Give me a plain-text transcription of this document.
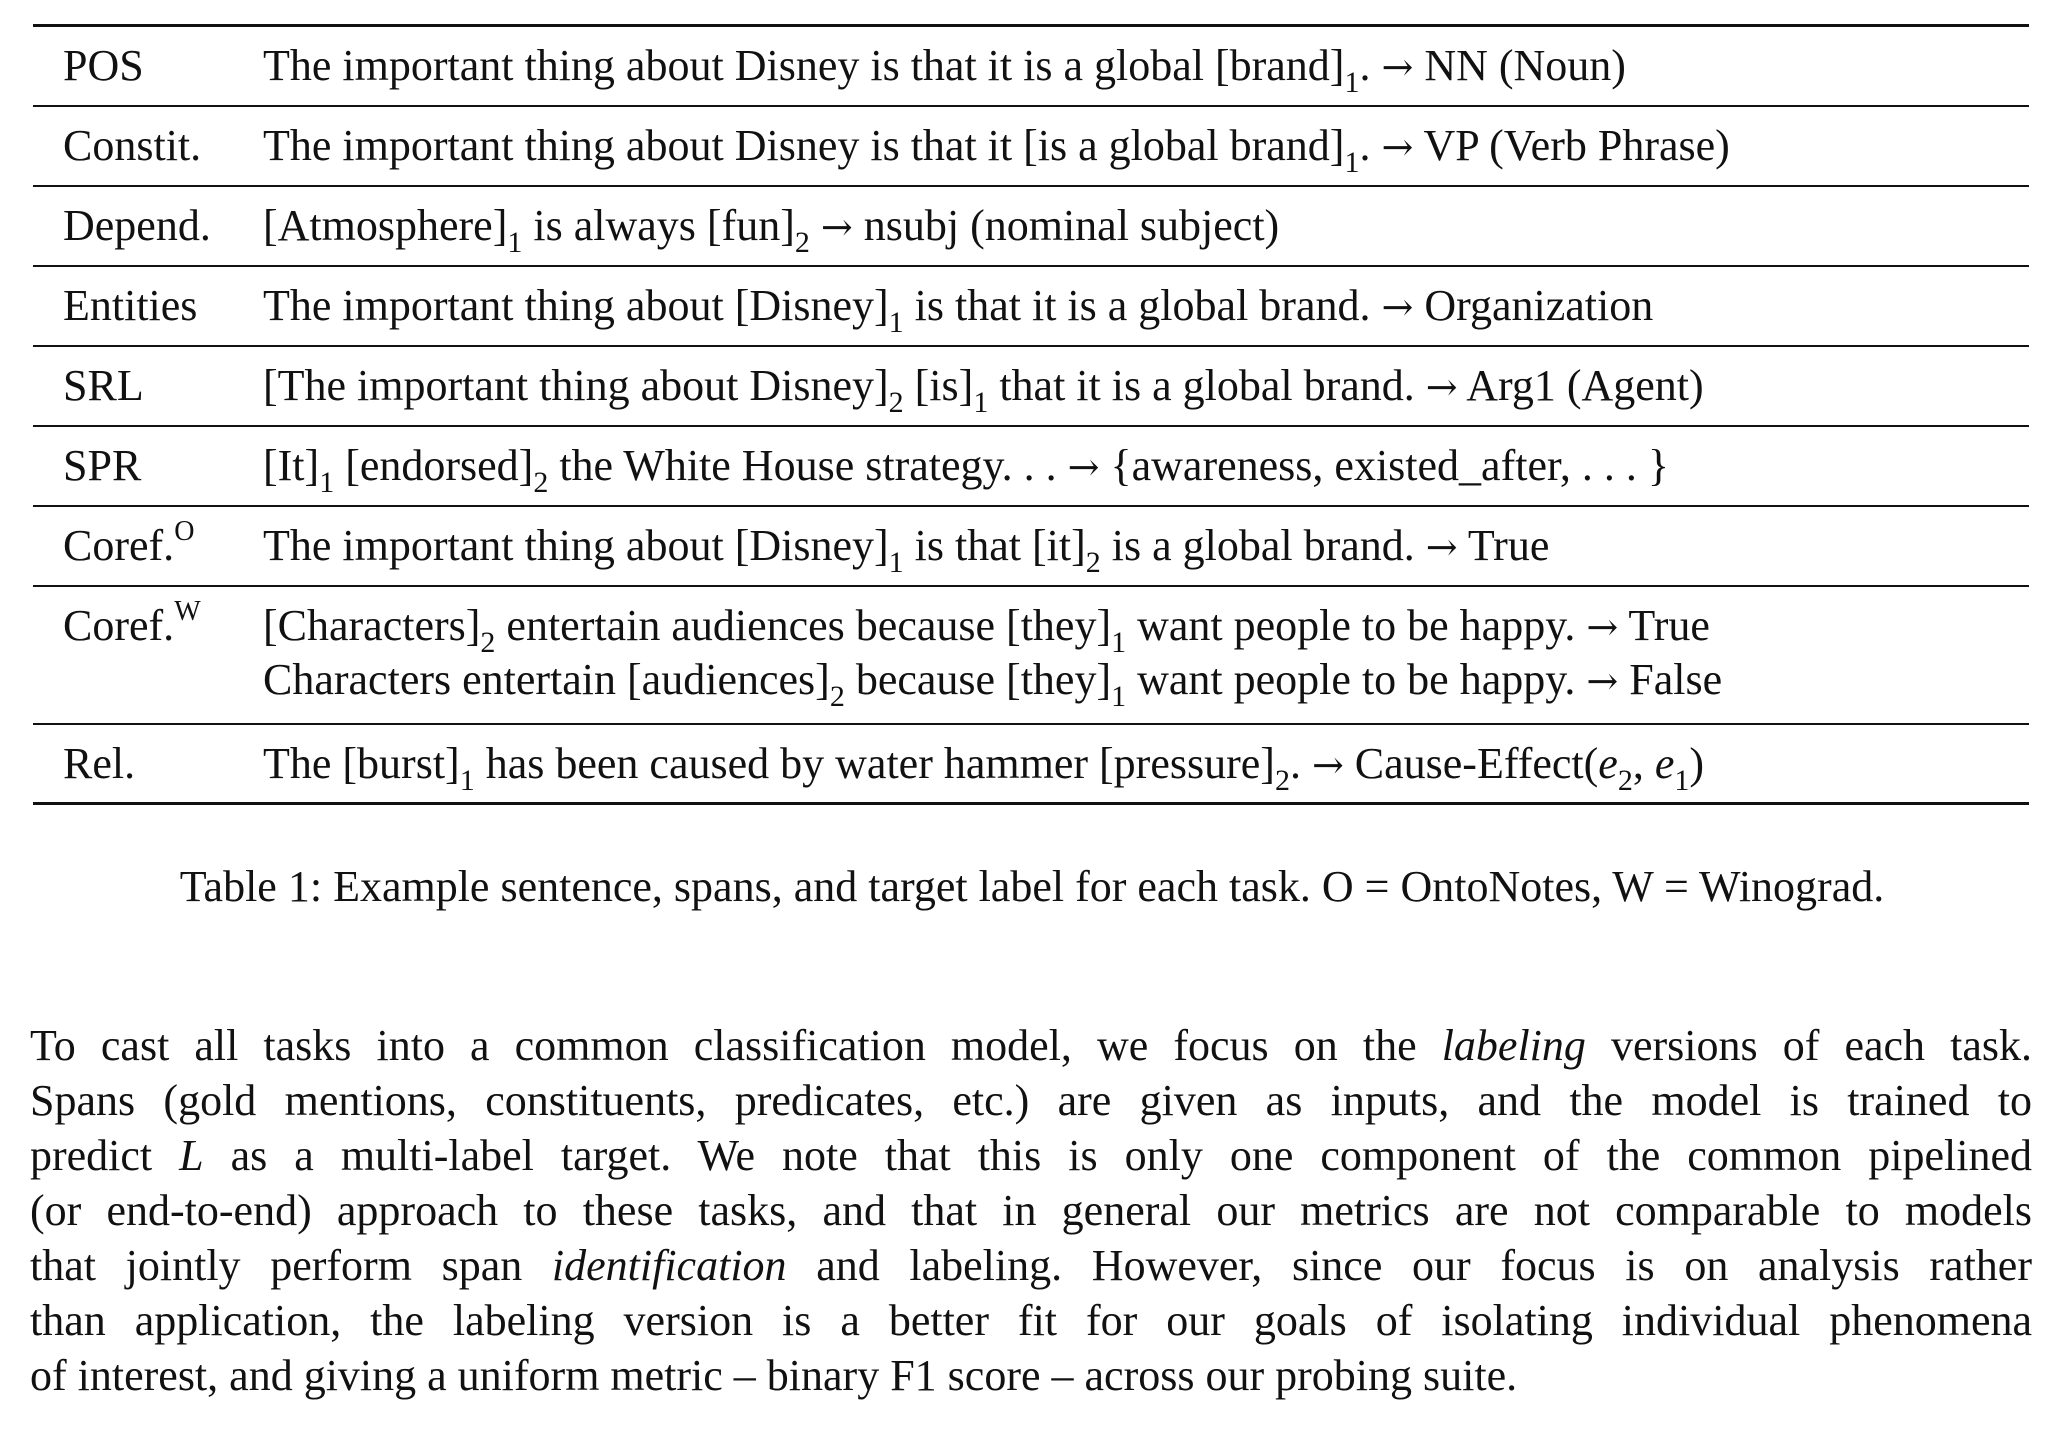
POS	The important thing about Disney is that it is a global $[brand]_1$. → NN (Noun)

Constit.	The important thing about Disney is that it [is a global $brand]_1$. → VP (Verb Phrase)

Depend.	$[Atmosphere]_1$ is always $[fun]_2$ → nsubj (nominal subject)

Entities	The important thing about $[Disney]_1$ is that it is a global brand. → Organization

SRL	[The important thing about $Disney]_2$ $[is]_1$ that it is a global brand. → Arg1 (Agent)

SPR	$[It]_1$ $[endorsed]_2$ the White House strategy. . . → {awareness, existed_after, . . . }

Coref.$^O$	The important thing about $[Disney]_1$ is that $[it]_2$ is a global brand. → True

Coref.$^W$	$[Characters]_2$ entertain audiences because $[they]_1$ want people to be happy. → True
Characters entertain $[audiences]_2$ because $[they]_1$ want people to be happy. → False

Rel.	The $[burst]_1$ has been caused by water hammer $[pressure]_2$. → Cause-$Effect(e_2$, $e_1$)
Table 1: Example sentence, spans, and target label for each task. O = OntoNotes, W = Winograd.
To cast all tasks into a common classification model, we focus on the labeling versions of each task.
Spans (gold mentions, constituents, predicates, etc.) are given as inputs, and the model is trained to
predict L as a multi-label target. We note that this is only one component of the common pipelined
(or end-to-end) approach to these tasks, and that in general our metrics are not comparable to models
that jointly perform span identification and labeling. However, since our focus is on analysis rather
than application, the labeling version is a better fit for our goals of isolating individual phenomena
of interest, and giving a uniform metric – binary F1 score – across our probing suite.
